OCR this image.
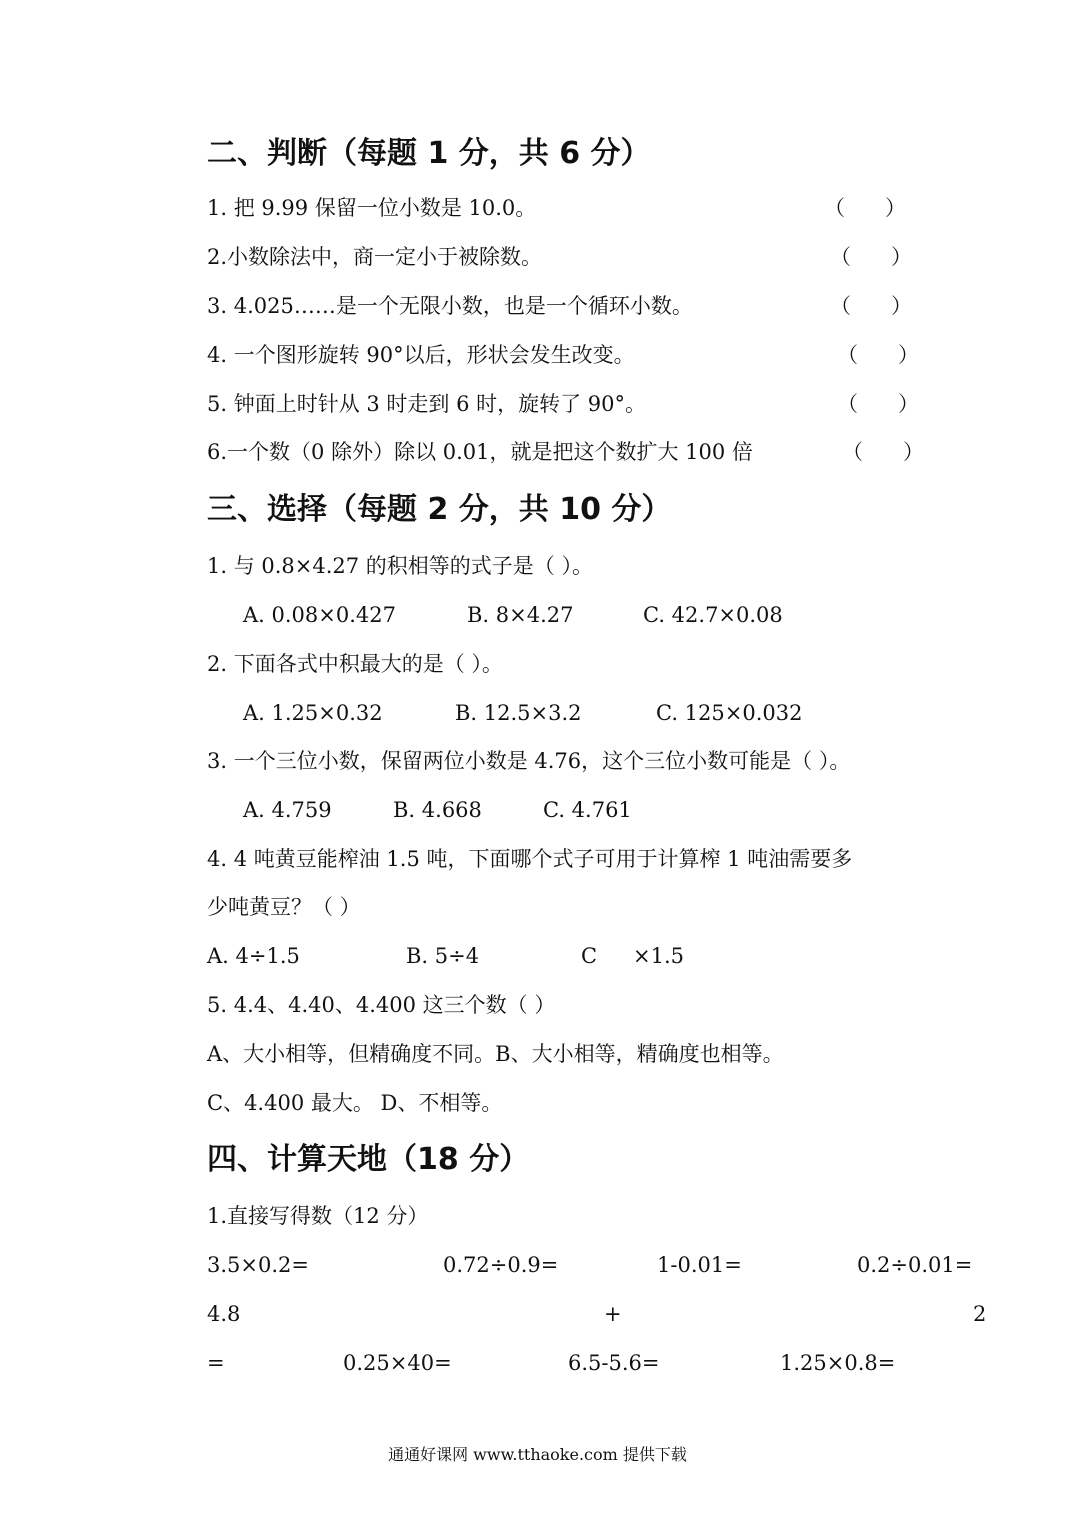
二、判断（每题 1 分，共 6 分）
1. 把 9.99 保留一位小数是 10.0。	（      ）
2.小数除法中，商一定小于被除数。	（      ）
3. 4.025……是一个无限小数，也是一个循环小数。	（      ）
4. 一个图形旋转 90°以后，形状会发生改变。	（      ）
5. 钟面上时针从 3 时走到 6 时，旋转了 90°。	（      ）
6.一个数（0 除外）除以 0.01，就是把这个数扩大 100 倍	（      ）
三、选择（每题 2 分，共 10 分）
1. 与 0.8×4.27 的积相等的式子是（ ）。
A. 0.08×0.427	B. 8×4.27	C. 42.7×0.08
2. 下面各式中积最大的是（ ）。
A. 1.25×0.32	B. 12.5×3.2	C. 125×0.032
3. 一个三位小数，保留两位小数是 4.76，这个三位小数可能是（ ）。
A. 4.759	B. 4.668	C. 4.761
4. 4 吨黄豆能榨油 1.5 吨，下面哪个式子可用于计算榨 1 吨油需要多
少吨黄豆？（ ）
A. 4÷1.5	B. 5÷4	C ×1.5
5. 4.4、4.40、4.400 这三个数（ ）
A、大小相等，但精确度不同。B、大小相等，精确度也相等。
C、4.400 最大。 D、不相等。
四、计算天地（18 分）
1.直接写得数（12 分）
3.5×0.2=	0.72÷0.9=	1-0.01=	0.2÷0.01=
4.8	+	2
=	0.25×40=	6.5-5.6=	1.25×0.8=
通通好课网 www.tthaoke.com 提供下载
